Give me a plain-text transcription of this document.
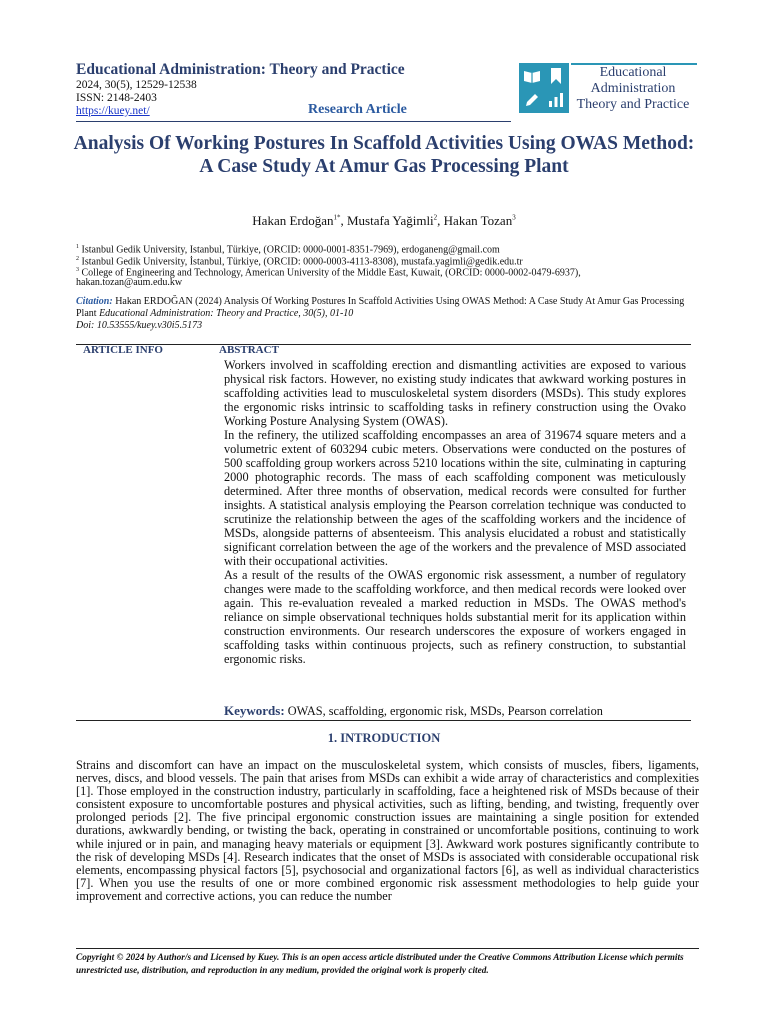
Educational Administration: Theory and Practice
2024, 30(5), 12529-12538
ISSN: 2148-2403
https://kuey.net/	Research Article
Educational
Administration
Theory and Practice
Analysis Of Working Postures In Scaffold Activities Using OWAS Method: A Case Study At Amur Gas Processing Plant
Hakan Erdoğan$^{1*}$, Mustafa Yağimli$^2$, Hakan Tozan$^3$
$^1$ Istanbul Gedik University, Istanbul, Türkiye, (ORCID: 0000-0001-8351-7969), erdoganeng@gmail.com
$^2$ Istanbul Gedik University, İstanbul, Türkiye, (ORCID: 0000-0003-4113-8308), mustafa.yagimli@gedik.edu.tr
$^3$ College of Engineering and Technology, American University of the Middle East, Kuwait, (ORCID: 0000-0002-0479-6937),
hakan.tozan@aum.edu.kw
Citation: Hakan ERDOĞAN (2024) Analysis Of Working Postures In Scaffold Activities Using OWAS Method: A Case Study At Amur Gas Processing Plant Educational Administration: Theory and Practice, 30(5), 01-10
Doi: 10.53555/kuey.v30i5.5173
ARTICLE INFO	ABSTRACT

Workers involved in scaffolding erection and dismantling activities are exposed to various physical risk factors. However, no existing study indicates that awkward working postures in scaffolding activities lead to musculoskeletal system disorders (MSDs). This study explores the ergonomic risks intrinsic to scaffolding tasks in refinery construction using the Ovako Working Posture Analysing System (OWAS).

In the refinery, the utilized scaffolding encompasses an area of 319674 square meters and a volumetric extent of 603294 cubic meters. Observations were conducted on the postures of 500 scaffolding group workers across 5210 locations within the site, culminating in capturing 2000 photographic records. The mass of each scaffolding component was meticulously determined. After three months of observation, medical records were consulted for further insights. A statistical analysis employing the Pearson correlation technique was conducted to scrutinize the relationship between the ages of the scaffolding workers and the incidence of MSDs, alongside patterns of absenteeism. This analysis elucidated a robust and statistically significant correlation between the age of the workers and the prevalence of MSD associated with their occupational activities.

As a result of the results of the OWAS ergonomic risk assessment, a number of regulatory changes were made to the scaffolding workforce, and then medical records were looked over again. This re-evaluation revealed a marked reduction in MSDs. The OWAS method's reliance on simple observational techniques holds substantial merit for its application within construction environments. Our research underscores the exposure of workers engaged in scaffolding tasks within continuous projects, such as refinery construction, to substantial ergonomic risks.

Keywords: OWAS, scaffolding, ergonomic risk, MSDs, Pearson correlation
1. INTRODUCTION

Strains and discomfort can have an impact on the musculoskeletal system, which consists of muscles, fibers, ligaments, nerves, discs, and blood vessels. The pain that arises from MSDs can exhibit a wide array of characteristics and complexities [1]. Those employed in the construction industry, particularly in scaffolding, face a heightened risk of MSDs because of their consistent exposure to uncomfortable postures and physical activities, such as lifting, bending, and twisting, frequently over prolonged periods [2]. The five principal ergonomic construction issues are maintaining a single position for extended durations, awkwardly bending, or twisting the back, operating in constrained or uncomfortable positions, continuing to work while injured or in pain, and managing heavy materials or equipment [3]. Awkward work postures significantly contribute to the risk of developing MSDs [4]. Research indicates that the onset of MSDs is associated with considerable occupational risk elements, encompassing physical factors [5], psychosocial and organizational factors [6], as well as individual characteristics [7]. When you use the results of one or more combined ergonomic risk assessment methodologies to help guide your improvement and corrective actions, you can reduce the number

Copyright © 2024 by Author/s and Licensed by Kuey. This is an open access article distributed under the Creative Commons Attribution License which permits unrestricted use, distribution, and reproduction in any medium, provided the original work is properly cited.
